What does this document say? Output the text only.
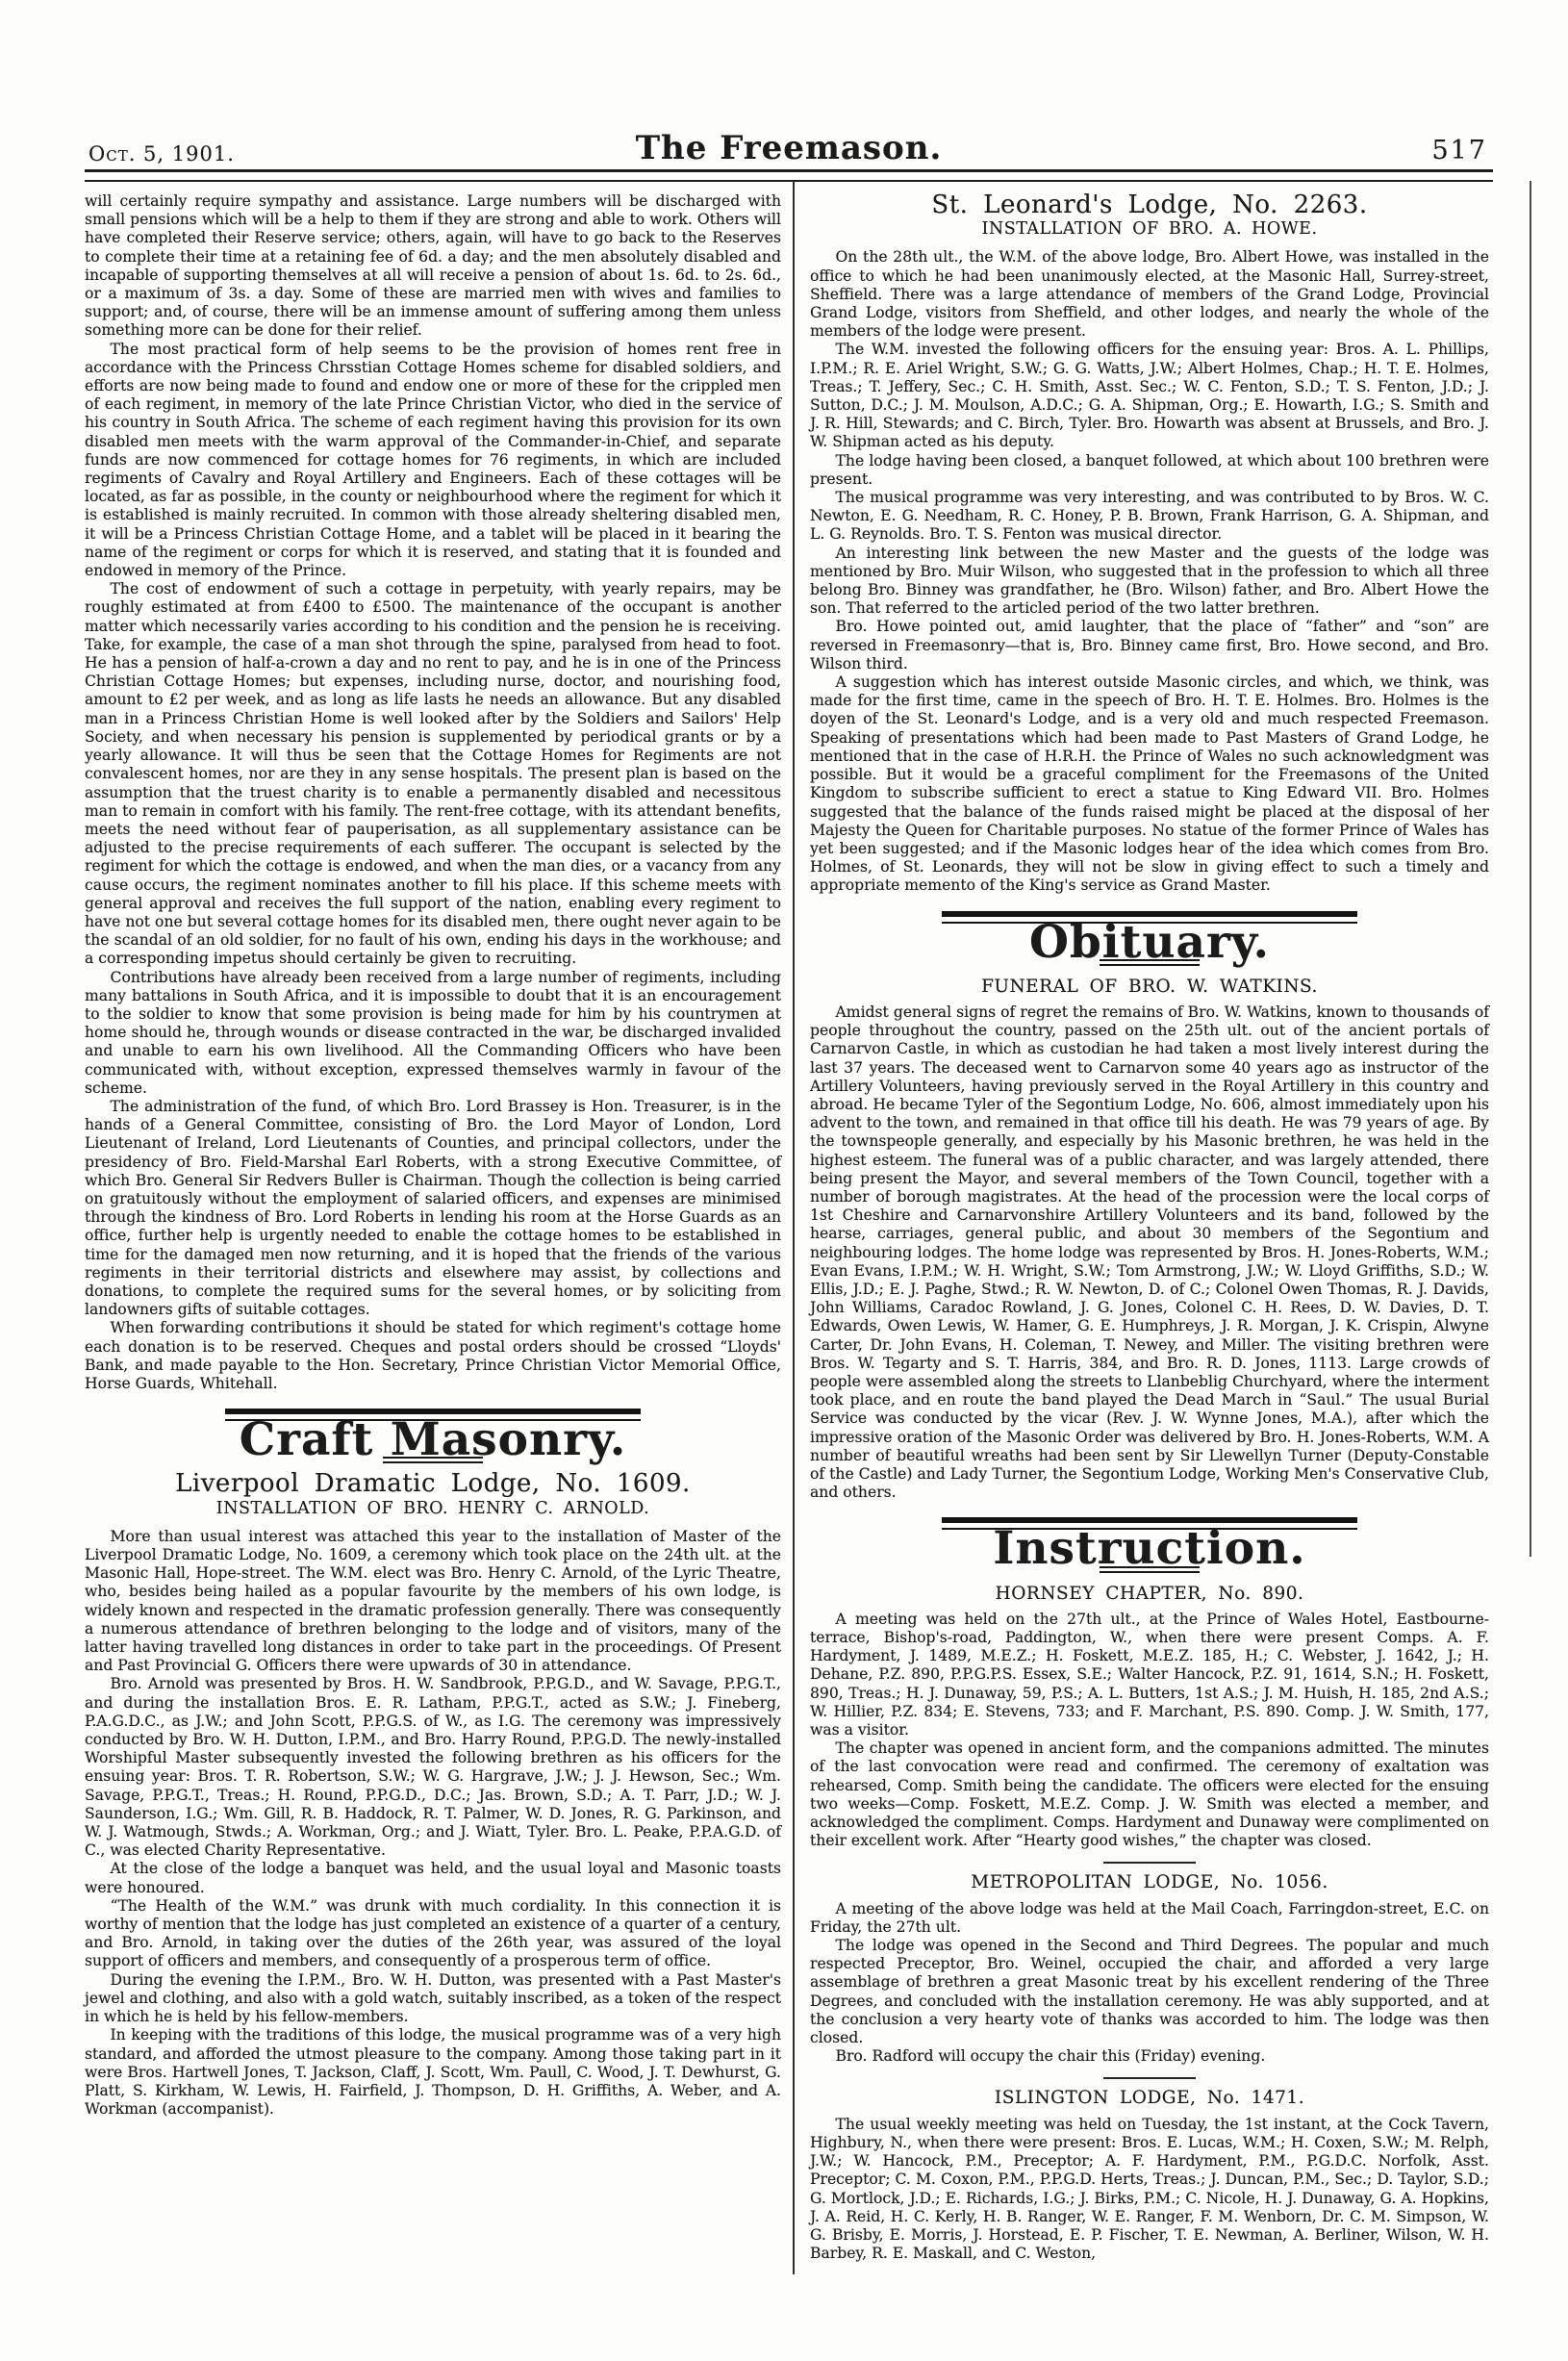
Oct. 5, 1901.	The Freemason.	517

will certainly require sympathy and assistance. Large numbers will be discharged with small pensions which will be a help to them if they are strong and able to work. Others will have completed their Reserve service; others, again, will have to go back to the Reserves to complete their time at a retaining fee of 6d. a day; and the men absolutely disabled and incapable of supporting themselves at all will receive a pension of about 1s. 6d. to 2s. 6d., or a maximum of 3s. a day. Some of these are married men with wives and families to support; and, of course, there will be an immense amount of suffering among them unless something more can be done for their relief.

The most practical form of help seems to be the provision of homes rent free in accordance with the Princess Chrsstian Cottage Homes scheme for disabled soldiers, and efforts are now being made to found and endow one or more of these for the crippled men of each regiment, in memory of the late Prince Christian Victor, who died in the service of his country in South Africa. The scheme of each regiment having this provision for its own disabled men meets with the warm approval of the Commander-in-Chief, and separate funds are now commenced for cottage homes for 76 regiments, in which are included regiments of Cavalry and Royal Artillery and Engineers. Each of these cottages will be located, as far as possible, in the county or neighbourhood where the regiment for which it is established is mainly recruited. In common with those already sheltering disabled men, it will be a Princess Christian Cottage Home, and a tablet will be placed in it bearing the name of the regiment or corps for which it is reserved, and stating that it is founded and endowed in memory of the Prince.

The cost of endowment of such a cottage in perpetuity, with yearly repairs, may be roughly estimated at from £400 to £500. The maintenance of the occupant is another matter which necessarily varies according to his condition and the pension he is receiving. Take, for example, the case of a man shot through the spine, paralysed from head to foot. He has a pension of half-a-crown a day and no rent to pay, and he is in one of the Princess Christian Cottage Homes; but expenses, including nurse, doctor, and nourishing food, amount to £2 per week, and as long as life lasts he needs an allowance. But any disabled man in a Princess Christian Home is well looked after by the Soldiers and Sailors' Help Society, and when necessary his pension is supplemented by periodical grants or by a yearly allowance. It will thus be seen that the Cottage Homes for Regiments are not convalescent homes, nor are they in any sense hospitals. The present plan is based on the assumption that the truest charity is to enable a permanently disabled and necessitous man to remain in comfort with his family. The rent-free cottage, with its attendant benefits, meets the need without fear of pauperisation, as all supplementary assistance can be adjusted to the precise requirements of each sufferer. The occupant is selected by the regiment for which the cottage is endowed, and when the man dies, or a vacancy from any cause occurs, the regiment nominates another to fill his place. If this scheme meets with general approval and receives the full support of the nation, enabling every regiment to have not one but several cottage homes for its disabled men, there ought never again to be the scandal of an old soldier, for no fault of his own, ending his days in the workhouse; and a corresponding impetus should certainly be given to recruiting.

Contributions have already been received from a large number of regiments, including many battalions in South Africa, and it is impossible to doubt that it is an encouragement to the soldier to know that some provision is being made for him by his countrymen at home should he, through wounds or disease contracted in the war, be discharged invalided and unable to earn his own livelihood. All the Commanding Officers who have been communicated with, without exception, expressed themselves warmly in favour of the scheme.

The administration of the fund, of which Bro. Lord Brassey is Hon. Treasurer, is in the hands of a General Committee, consisting of Bro. the Lord Mayor of London, Lord Lieutenant of Ireland, Lord Lieutenants of Counties, and principal collectors, under the presidency of Bro. Field-Marshal Earl Roberts, with a strong Executive Committee, of which Bro. General Sir Redvers Buller is Chairman. Though the collection is being carried on gratuitously without the employment of salaried officers, and expenses are minimised through the kindness of Bro. Lord Roberts in lending his room at the Horse Guards as an office, further help is urgently needed to enable the cottage homes to be established in time for the damaged men now returning, and it is hoped that the friends of the various regiments in their territorial districts and elsewhere may assist, by collections and donations, to complete the required sums for the several homes, or by soliciting from landowners gifts of suitable cottages.

When forwarding contributions it should be stated for which regiment's cottage home each donation is to be reserved. Cheques and postal orders should be crossed “Lloyds' Bank, and made payable to the Hon. Secretary, Prince Christian Victor Memorial Office, Horse Guards, Whitehall.

Craft Masonry.
Liverpool Dramatic Lodge, No. 1609.
INSTALLATION OF BRO. HENRY C. ARNOLD.

More than usual interest was attached this year to the installation of Master of the Liverpool Dramatic Lodge, No. 1609, a ceremony which took place on the 24th ult. at the Masonic Hall, Hope-street. The W.M. elect was Bro. Henry C. Arnold, of the Lyric Theatre, who, besides being hailed as a popular favourite by the members of his own lodge, is widely known and respected in the dramatic profession generally. There was consequently a numerous attendance of brethren belonging to the lodge and of visitors, many of the latter having travelled long distances in order to take part in the proceedings. Of Present and Past Provincial G. Officers there were upwards of 30 in attendance.

Bro. Arnold was presented by Bros. H. W. Sandbrook, P.P.G.D., and W. Savage, P.P.G.T., and during the installation Bros. E. R. Latham, P.P.G.T., acted as S.W.; J. Fineberg, P.A.G.D.C., as J.W.; and John Scott, P.P.G.S. of W., as I.G. The ceremony was impressively conducted by Bro. W. H. Dutton, I.P.M., and Bro. Harry Round, P.P.G.D. The newly-installed Worshipful Master subsequently invested the following brethren as his officers for the ensuing year: Bros. T. R. Robertson, S.W.; W. G. Hargrave, J.W.; J. J. Hewson, Sec.; Wm. Savage, P.P.G.T., Treas.; H. Round, P.P.G.D., D.C.; Jas. Brown, S.D.; A. T. Parr, J.D.; W. J. Saunderson, I.G.; Wm. Gill, R. B. Haddock, R. T. Palmer, W. D. Jones, R. G. Parkinson, and W. J. Watmough, Stwds.; A. Workman, Org.; and J. Wiatt, Tyler. Bro. L. Peake, P.P.A.G.D. of C., was elected Charity Representative.

At the close of the lodge a banquet was held, and the usual loyal and Masonic toasts were honoured.

“The Health of the W.M.” was drunk with much cordiality. In this connection it is worthy of mention that the lodge has just completed an existence of a quarter of a century, and Bro. Arnold, in taking over the duties of the 26th year, was assured of the loyal support of officers and members, and consequently of a prosperous term of office.

During the evening the I.P.M., Bro. W. H. Dutton, was presented with a Past Master's jewel and clothing, and also with a gold watch, suitably inscribed, as a token of the respect in which he is held by his fellow-members.

In keeping with the traditions of this lodge, the musical programme was of a very high standard, and afforded the utmost pleasure to the company. Among those taking part in it were Bros. Hartwell Jones, T. Jackson, Claff, J. Scott, Wm. Paull, C. Wood, J. T. Dewhurst, G. Platt, S. Kirkham, W. Lewis, H. Fairfield, J. Thompson, D. H. Griffiths, A. Weber, and A. Workman (accompanist).

St. Leonard's Lodge, No. 2263.
INSTALLATION OF BRO. A. HOWE.

On the 28th ult., the W.M. of the above lodge, Bro. Albert Howe, was installed in the office to which he had been unanimously elected, at the Masonic Hall, Surrey-street, Sheffield. There was a large attendance of members of the Grand Lodge, Provincial Grand Lodge, visitors from Sheffield, and other lodges, and nearly the whole of the members of the lodge were present.

The W.M. invested the following officers for the ensuing year: Bros. A. L. Phillips, I.P.M.; R. E. Ariel Wright, S.W.; G. G. Watts, J.W.; Albert Holmes, Chap.; H. T. E. Holmes, Treas.; T. Jeffery, Sec.; C. H. Smith, Asst. Sec.; W. C. Fenton, S.D.; T. S. Fenton, J.D.; J. Sutton, D.C.; J. M. Moulson, A.D.C.; G. A. Shipman, Org.; E. Howarth, I.G.; S. Smith and J. R. Hill, Stewards; and C. Birch, Tyler. Bro. Howarth was absent at Brussels, and Bro. J. W. Shipman acted as his deputy.

The lodge having been closed, a banquet followed, at which about 100 brethren were present.

The musical programme was very interesting, and was contributed to by Bros. W. C. Newton, E. G. Needham, R. C. Honey, P. B. Brown, Frank Harrison, G. A. Shipman, and L. G. Reynolds. Bro. T. S. Fenton was musical director.

An interesting link between the new Master and the guests of the lodge was mentioned by Bro. Muir Wilson, who suggested that in the profession to which all three belong Bro. Binney was grandfather, he (Bro. Wilson) father, and Bro. Albert Howe the son. That referred to the articled period of the two latter brethren.

Bro. Howe pointed out, amid laughter, that the place of “father” and “son” are reversed in Freemasonry—that is, Bro. Binney came first, Bro. Howe second, and Bro. Wilson third.

A suggestion which has interest outside Masonic circles, and which, we think, was made for the first time, came in the speech of Bro. H. T. E. Holmes. Bro. Holmes is the doyen of the St. Leonard's Lodge, and is a very old and much respected Freemason. Speaking of presentations which had been made to Past Masters of Grand Lodge, he mentioned that in the case of H.R.H. the Prince of Wales no such acknowledgment was possible. But it would be a graceful compliment for the Freemasons of the United Kingdom to subscribe sufficient to erect a statue to King Edward VII. Bro. Holmes suggested that the balance of the funds raised might be placed at the disposal of her Majesty the Queen for Charitable purposes. No statue of the former Prince of Wales has yet been suggested; and if the Masonic lodges hear of the idea which comes from Bro. Holmes, of St. Leonards, they will not be slow in giving effect to such a timely and appropriate memento of the King's service as Grand Master.

Obituary.
FUNERAL OF BRO. W. WATKINS.

Amidst general signs of regret the remains of Bro. W. Watkins, known to thousands of people throughout the country, passed on the 25th ult. out of the ancient portals of Carnarvon Castle, in which as custodian he had taken a most lively interest during the last 37 years. The deceased went to Carnarvon some 40 years ago as instructor of the Artillery Volunteers, having previously served in the Royal Artillery in this country and abroad. He became Tyler of the Segontium Lodge, No. 606, almost immediately upon his advent to the town, and remained in that office till his death. He was 79 years of age. By the townspeople generally, and especially by his Masonic brethren, he was held in the highest esteem. The funeral was of a public character, and was largely attended, there being present the Mayor, and several members of the Town Council, together with a number of borough magistrates. At the head of the procession were the local corps of 1st Cheshire and Carnarvonshire Artillery Volunteers and its band, followed by the hearse, carriages, general public, and about 30 members of the Segontium and neighbouring lodges. The home lodge was represented by Bros. H. Jones-Roberts, W.M.; Evan Evans, I.P.M.; W. H. Wright, S.W.; Tom Armstrong, J.W.; W. Lloyd Griffiths, S.D.; W. Ellis, J.D.; E. J. Paghe, Stwd.; R. W. Newton, D. of C.; Colonel Owen Thomas, R. J. Davids, John Williams, Caradoc Rowland, J. G. Jones, Colonel C. H. Rees, D. W. Davies, D. T. Edwards, Owen Lewis, W. Hamer, G. E. Humphreys, J. R. Morgan, J. K. Crispin, Alwyne Carter, Dr. John Evans, H. Coleman, T. Newey, and Miller. The visiting brethren were Bros. W. Tegarty and S. T. Harris, 384, and Bro. R. D. Jones, 1113. Large crowds of people were assembled along the streets to Llanbeblig Churchyard, where the interment took place, and en route the band played the Dead March in “Saul.” The usual Burial Service was conducted by the vicar (Rev. J. W. Wynne Jones, M.A.), after which the impressive oration of the Masonic Order was delivered by Bro. H. Jones-Roberts, W.M. A number of beautiful wreaths had been sent by Sir Llewellyn Turner (Deputy-Constable of the Castle) and Lady Turner, the Segontium Lodge, Working Men's Conservative Club, and others.

Instruction.
HORNSEY CHAPTER, No. 890.

A meeting was held on the 27th ult., at the Prince of Wales Hotel, Eastbourne-terrace, Bishop's-road, Paddington, W., when there were present Comps. A. F. Hardyment, J. 1489, M.E.Z.; H. Foskett, M.E.Z. 185, H.; C. Webster, J. 1642, J.; H. Dehane, P.Z. 890, P.P.G.P.S. Essex, S.E.; Walter Hancock, P.Z. 91, 1614, S.N.; H. Foskett, 890, Treas.; H. J. Dunaway, 59, P.S.; A. L. Butters, 1st A.S.; J. M. Huish, H. 185, 2nd A.S.; W. Hillier, P.Z. 834; E. Stevens, 733; and F. Marchant, P.S. 890. Comp. J. W. Smith, 177, was a visitor.

The chapter was opened in ancient form, and the companions admitted. The minutes of the last convocation were read and confirmed. The ceremony of exaltation was rehearsed, Comp. Smith being the candidate. The officers were elected for the ensuing two weeks—Comp. Foskett, M.E.Z. Comp. J. W. Smith was elected a member, and acknowledged the compliment. Comps. Hardyment and Dunaway were complimented on their excellent work. After “Hearty good wishes,” the chapter was closed.

METROPOLITAN LODGE, No. 1056.

A meeting of the above lodge was held at the Mail Coach, Farringdon-street, E.C. on Friday, the 27th ult.

The lodge was opened in the Second and Third Degrees. The popular and much respected Preceptor, Bro. Weinel, occupied the chair, and afforded a very large assemblage of brethren a great Masonic treat by his excellent rendering of the Three Degrees, and concluded with the installation ceremony. He was ably supported, and at the conclusion a very hearty vote of thanks was accorded to him. The lodge was then closed.

Bro. Radford will occupy the chair this (Friday) evening.

ISLINGTON LODGE, No. 1471.

The usual weekly meeting was held on Tuesday, the 1st instant, at the Cock Tavern, Highbury, N., when there were present: Bros. E. Lucas, W.M.; H. Coxen, S.W.; M. Relph, J.W.; W. Hancock, P.M., Preceptor; A. F. Hardyment, P.M., P.G.D.C. Norfolk, Asst. Preceptor; C. M. Coxon, P.M., P.P.G.D. Herts, Treas.; J. Duncan, P.M., Sec.; D. Taylor, S.D.; G. Mortlock, J.D.; E. Richards, I.G.; J. Birks, P.M.; C. Nicole, H. J. Dunaway, G. A. Hopkins, J. A. Reid, H. C. Kerly, H. B. Ranger, W. E. Ranger, F. M. Wenborn, Dr. C. M. Simpson, W. G. Brisby, E. Morris, J. Horstead, E. P. Fischer, T. E. Newman, A. Berliner, Wilson, W. H. Barbey, R. E. Maskall, and C. Weston,
